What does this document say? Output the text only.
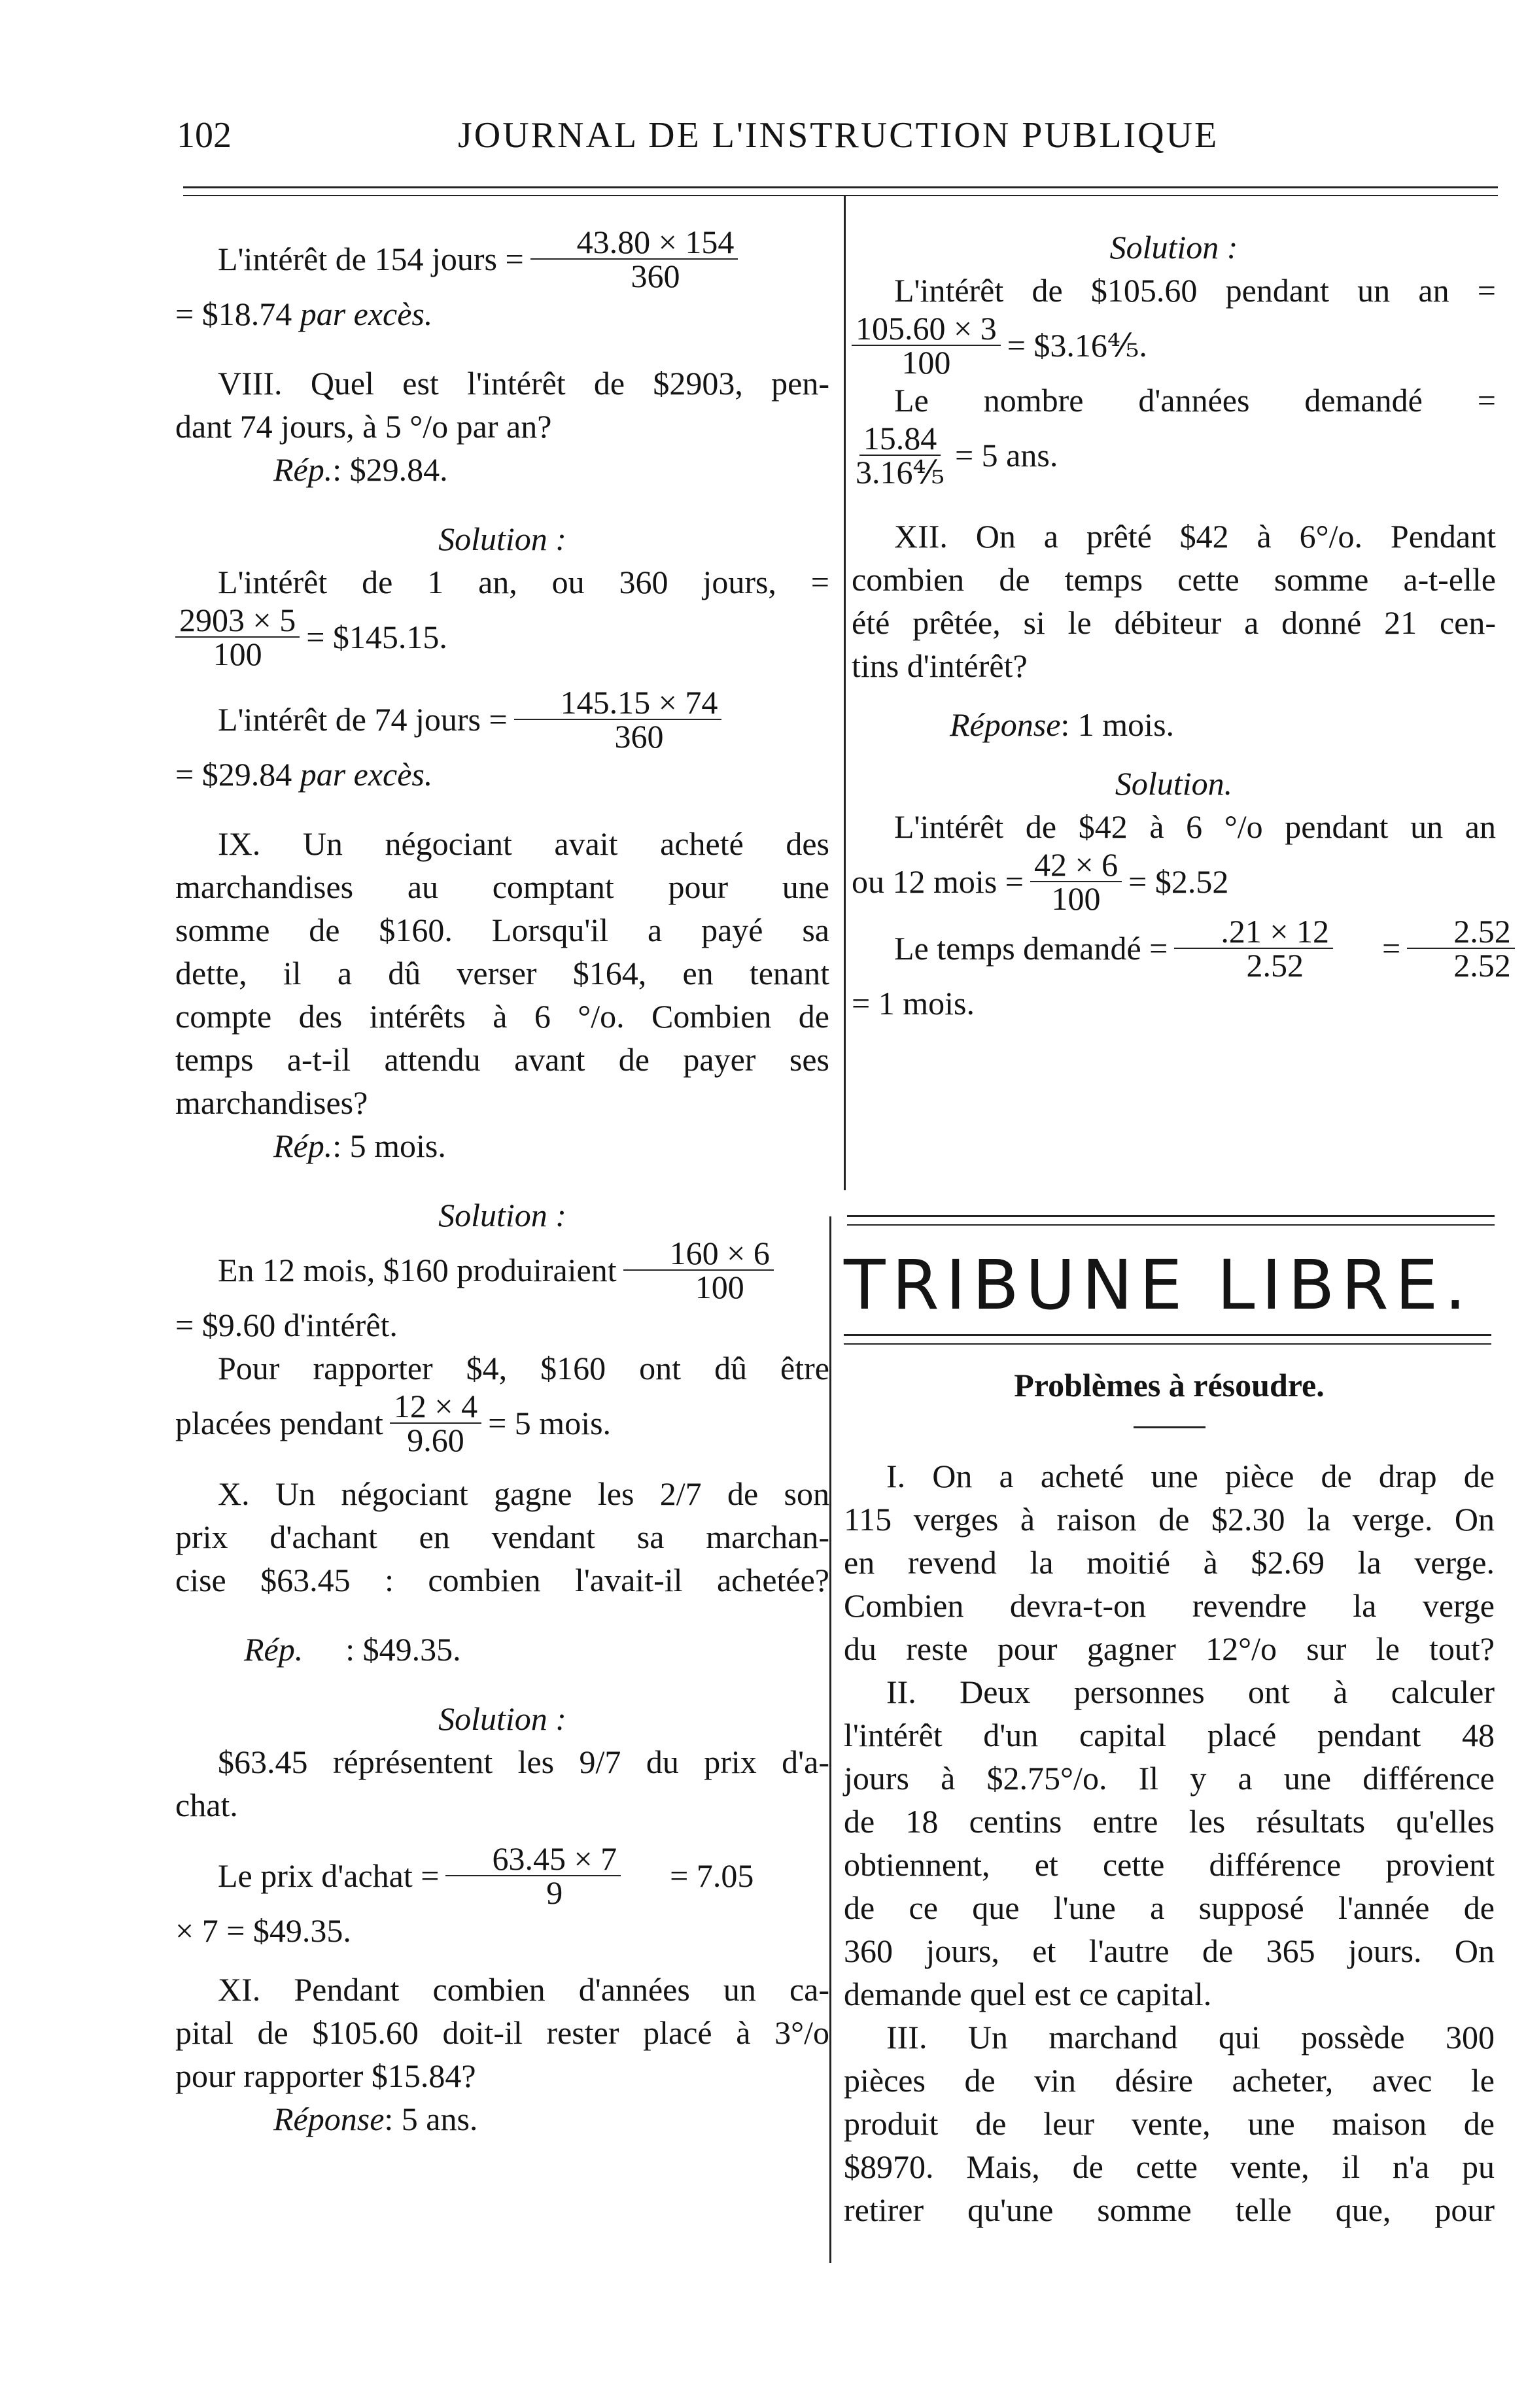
102	JOURNAL DE L'INSTRUCTION PUBLIQUE
L'intérêt de 154 jours = $\frac{43.80 \times 154}{360}$
= $18.74
par excès.
VIII. Quel est l'intérêt de $2903, pen-
dant 74 jours, à 5 °/o par an?
Rép. : $29.84.
Solution :
L'intérêt de 1 an, ou 360 jours, =
$\frac{2903 \times 5}{100}$ = $145.15.
L'intérêt de 74 jours = $\frac{145.15 \times 74}{360}$
= $29.84
par excès.
IX. Un négociant avait acheté des
marchandises au comptant pour une
somme de $160. Lorsqu'il a payé sa
dette, il a dû verser $164, en tenant
compte des intérêts à 6 °/o. Combien de
temps a-t-il attendu avant de payer ses
marchandises?
Rép. : 5 mois.
Solution :
En 12 mois, $160 produiraient $\frac{160 \times 6}{100}$
= $9.60 d'intérêt.
Pour rapporter $4, $160 ont dû être
placées pendant $\frac{12 \times 4}{9.60} = 5$ mois.
X. Un négociant gagne les 2/7 de son
prix d'achant en vendant sa marchan-
cise $63.45 : combien l'avait-il achetée?
Rép.	: $49.35.
Solution :
$63.45 réprésentent les 9/7 du prix d'a-
chat.
Le prix d'achat = $\frac{63.45 \times 7}{9}$	= 7.05
× 7 = $49.35.
XI. Pendant combien d'années un ca-
pital de $105.60 doit-il rester placé à 3°/o
pour rapporter $15.84?
Réponse : 5 ans.
Solution :
L'intérêt de $105.60 pendant un an =
$\frac{105.60 \times 3}{100}$ = $3.16⅘.
Le nombre d'années demandé =
$\frac{15.84}{\text{3.16⅘}} = 5$ ans.
XII. On a prêté $42 à 6°/o. Pendant
combien de temps cette somme a-t-elle
été prêtée, si le débiteur a donné 21 cen-
tins d'intérêt?
Réponse : 1 mois.
Solution.
L'intérêt de $42 à 6 °/o pendant un an
ou 12 mois = $\frac{42 \times 6}{100}$ = $2.52
Le temps demandé = $\frac{.21 \times 12}{2.52}$	= $\frac{2.52}{2.52}$
= 1 mois.
TRIBUNE LIBRE.
Problèmes à résoudre.
I. On a acheté une pièce de drap de
115 verges à raison de $2.30 la verge. On
en revend la moitié à $2.69 la verge.
Combien devra-t-on revendre la verge
du reste pour gagner 12°/o sur le tout?
II. Deux personnes ont à calculer
l'intérêt d'un capital placé pendant 48
jours à $2.75°/o. Il y a une différence
de 18 centins entre les résultats qu'elles
obtiennent, et cette différence provient
de ce que l'une a supposé l'année de
360 jours, et l'autre de 365 jours. On
demande quel est ce capital.
III. Un marchand qui possède 300
pièces de vin désire acheter, avec le
produit de leur vente, une maison de
$8970. Mais, de cette vente, il n'a pu
retirer qu'une somme telle que, pour
